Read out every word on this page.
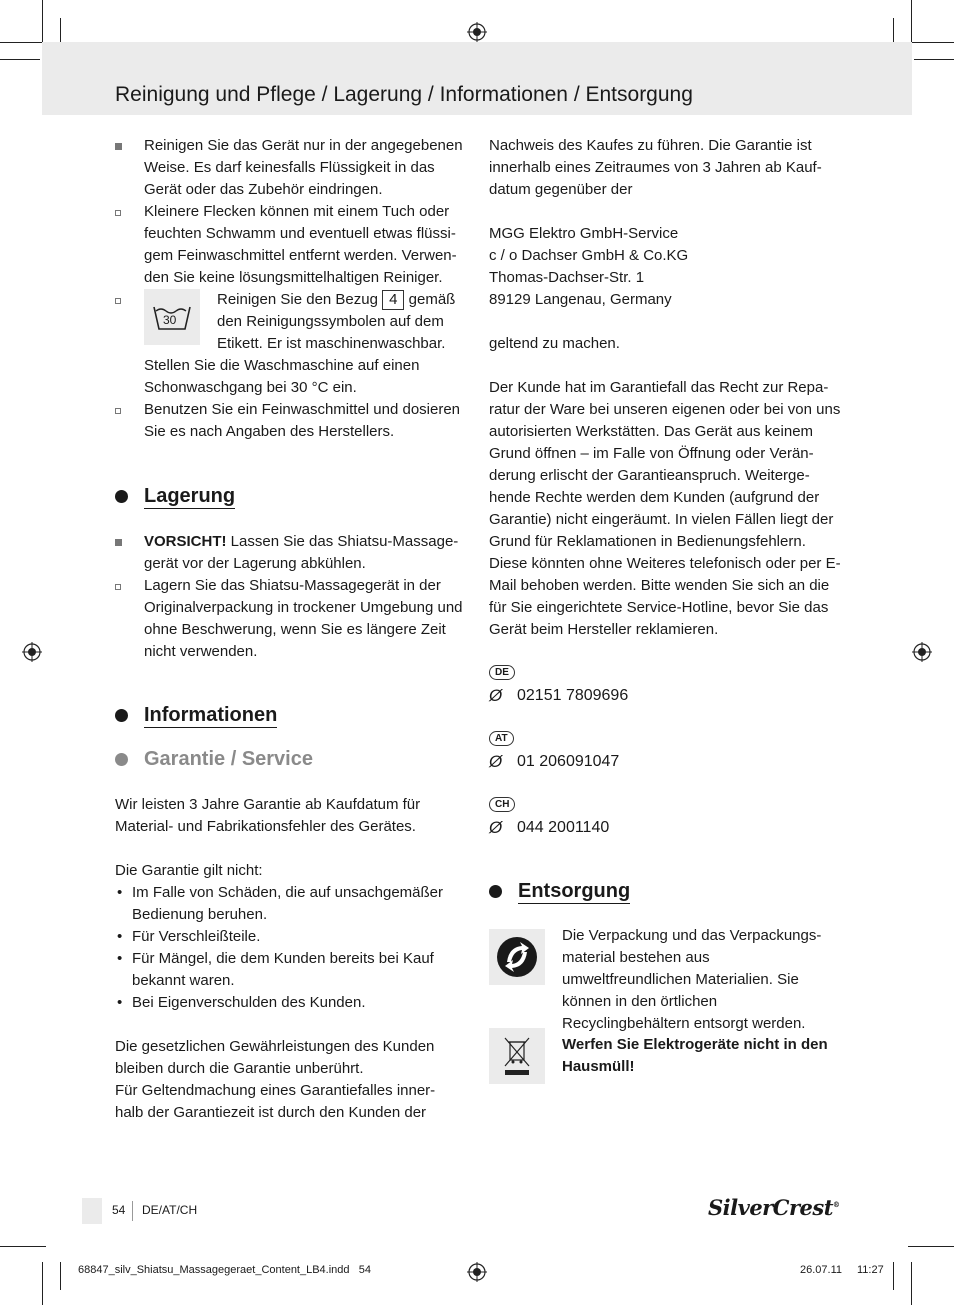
Reinigung und Pflege / Lagerung / Informationen / Entsorgung
Reinigen Sie das Gerät nur in der angegebenen Weise. Es darf keinesfalls Flüssigkeit in das Gerät oder das Zubehör eindringen.
Kleinere Flecken können mit einem Tuch oder feuchten Schwamm und eventuell etwas flüssi-gem Feinwaschmittel entfernt werden. Verwen-den Sie keine lösungsmittelhaltigen Reiniger.
30
Reinigen Sie den Bezug 4 gemäß
den Reinigungssymbolen auf dem
Etikett. Er ist maschinenwaschbar.
Stellen Sie die Waschmaschine auf einen Schonwaschgang bei 30 °C ein.
Benutzen Sie ein Feinwaschmittel und dosieren Sie es nach Angaben des Herstellers.
Lagerung
VORSICHT! Lassen Sie das Shiatsu-Massage-gerät vor der Lagerung abkühlen.
Lagern Sie das Shiatsu-Massagegerät in der Originalverpackung in trockener Umgebung und ohne Beschwerung, wenn Sie es längere Zeit nicht verwenden.
Informationen
Garantie / Service

Wir leisten 3 Jahre Garantie ab Kaufdatum für Material- und Fabrikationsfehler des Gerätes.

Die Garantie gilt nicht:

• Im Falle von Schäden, die auf unsachgemäßer Bedienung beruhen.
• Für Verschleißteile.
• Für Mängel, die dem Kunden bereits bei Kauf bekannt waren.
• Bei Eigenverschulden des Kunden.

Die gesetzlichen Gewährleistungen des Kunden bleiben durch die Garantie unberührt.

Für Geltendmachung eines Garantiefalles inner-halb der Garantiezeit ist durch den Kunden der

Nachweis des Kaufes zu führen. Die Garantie ist innerhalb eines Zeitraumes von 3 Jahren ab Kauf-datum gegenüber der

MGG Elektro GmbH-Service
c / o Dachser GmbH & Co.KG
Thomas-Dachser-Str. 1
89129 Langenau, Germany

geltend zu machen.

Der Kunde hat im Garantiefall das Recht zur Repa-ratur der Ware bei unseren eigenen oder bei von uns autorisierten Werkstätten. Das Gerät aus keinem Grund öffnen – im Falle von Öffnung oder Verän-derung erlischt der Garantieanspruch. Weiterge-hende Rechte werden dem Kunden (aufgrund der Garantie) nicht eingeräumt. In vielen Fällen liegt der Grund für Reklamationen in Bedienungsfehlern. Diese könnten ohne Weiteres telefonisch oder per E-Mail behoben werden. Bitte wenden Sie sich an die für Sie eingerichtete Service-Hotline, bevor Sie das Gerät beim Hersteller reklamieren.

DE
Ø 02151 7809696
AT
Ø 01 206091047
CH
Ø 044 2001140
Entsorgung
Die Verpackung und das Verpackungs-material bestehen aus umweltfreundlichen Materialien. Sie können in den örtlichen Recyclingbehältern entsorgt werden.
Werfen Sie Elektrogeräte nicht in den Hausmüll!
54 DE/AT/CH	SilverCrest®
68847_silv_Shiatsu_Massagegeraet_Content_LB4.indd   54	26.07.11 11:27
